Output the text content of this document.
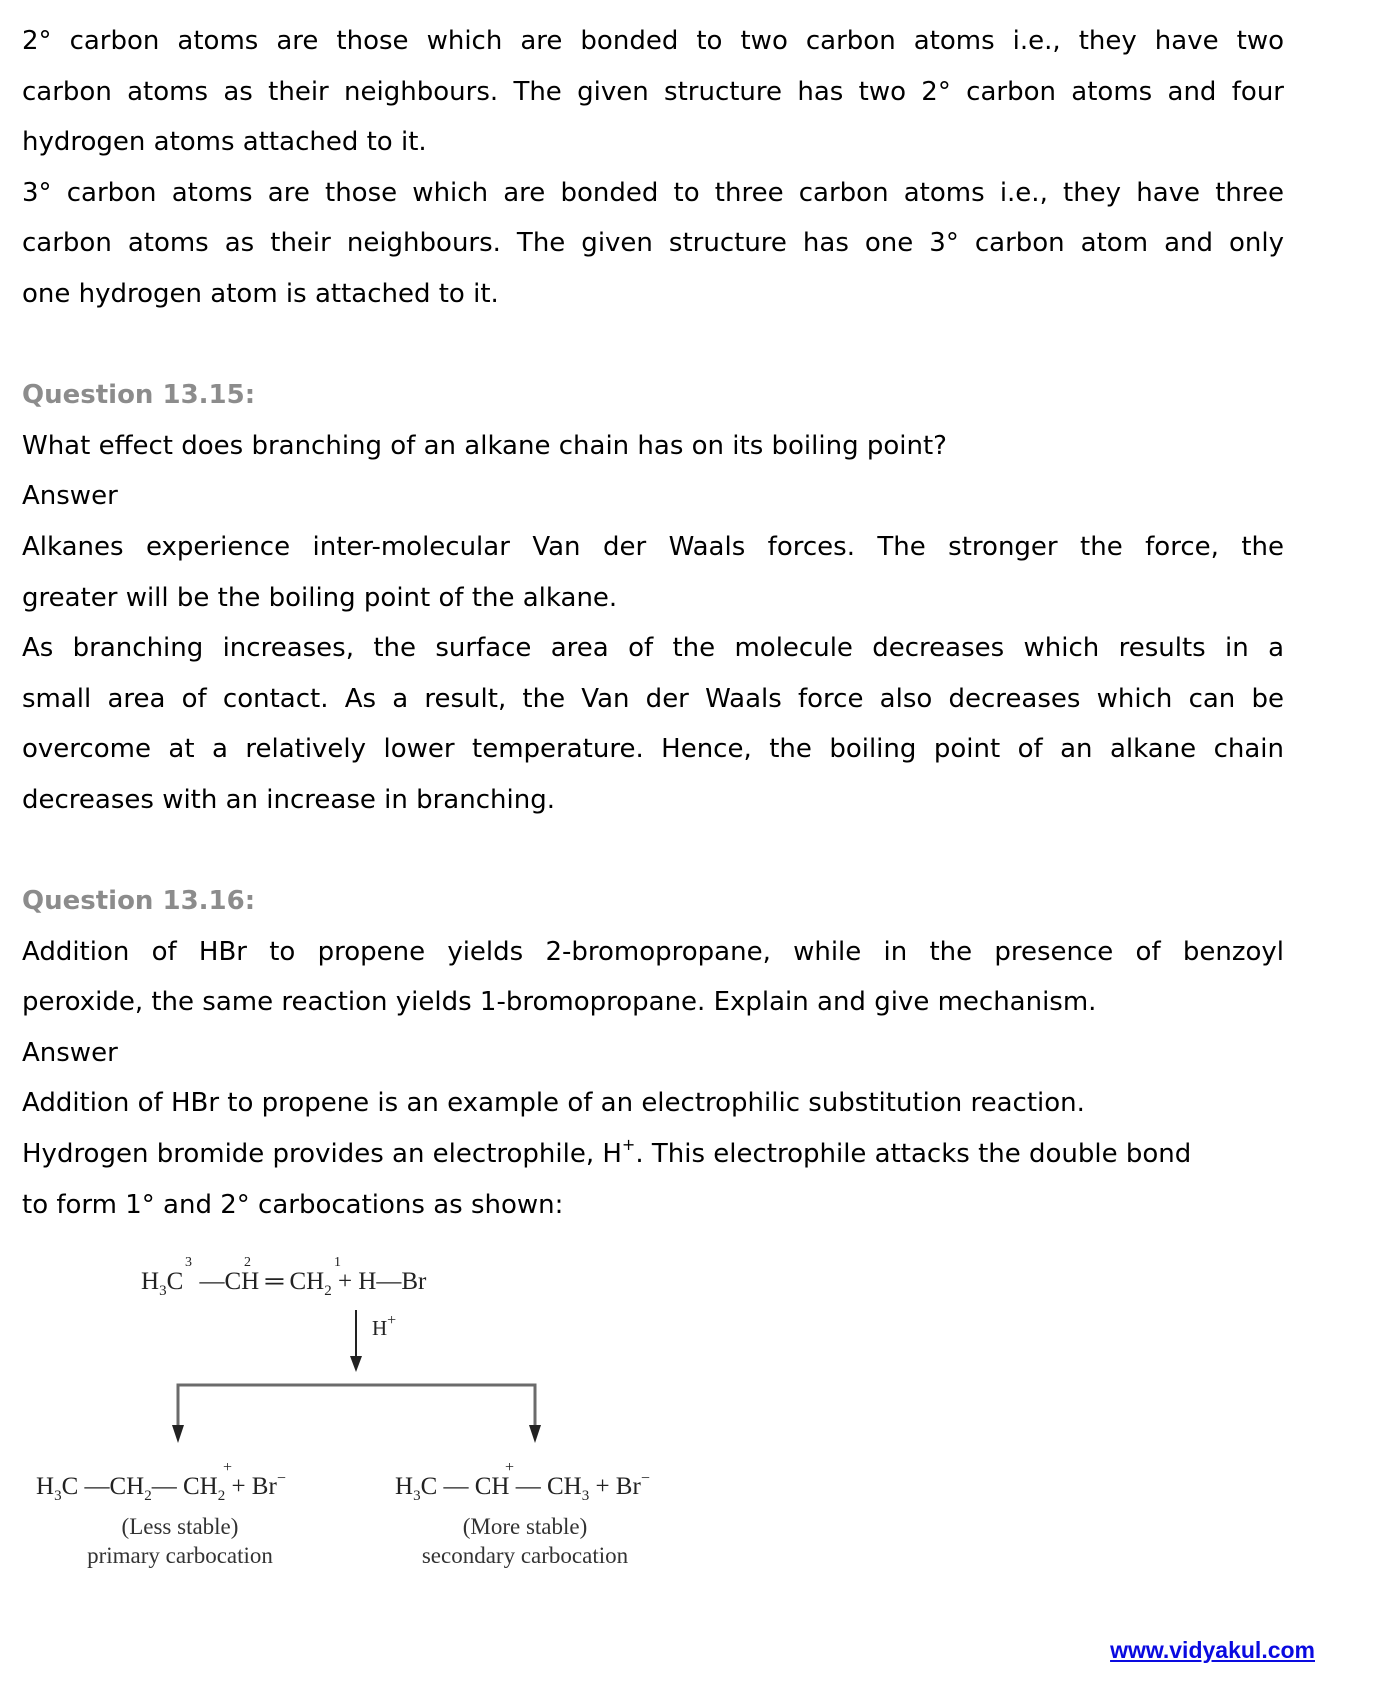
2° carbon atoms are those which are bonded to two carbon atoms i.e., they have two
carbon atoms as their neighbours. The given structure has two 2° carbon atoms and four
hydrogen atoms attached to it.
3° carbon atoms are those which are bonded to three carbon atoms i.e., they have three
carbon atoms as their neighbours. The given structure has one 3° carbon atom and only
one hydrogen atom is attached to it.
Question 13.15:
What effect does branching of an alkane chain has on its boiling point?
Answer
Alkanes experience inter-molecular Van der Waals forces. The stronger the force, the
greater will be the boiling point of the alkane.
As branching increases, the surface area of the molecule decreases which results in a
small area of contact. As a result, the Van der Waals force also decreases which can be
overcome at a relatively lower temperature. Hence, the boiling point of an alkane chain
decreases with an increase in branching.
Question 13.16:
Addition of HBr to propene yields 2-bromopropane, while in the presence of benzoyl
peroxide, the same reaction yields 1-bromopropane. Explain and give mechanism.
Answer
Addition of HBr to propene is an example of an electrophilic substitution reaction.
Hydrogen bromide provides an electrophile, H+. This electrophile attacks the double bond
to form 1° and 2° carbocations as shown:
$H_3C$
3
—CH
2
═ $CH_2$
1
+ H—Br
H+
$H_3C$ $—CH_2—$ $CH_2 + Br^-$
+
(Less stable)
primary carbocation
$H_3C$ — CH — $CH_3 + Br^-$
+
(More stable)
secondary carbocation
www.vidyakul.com
